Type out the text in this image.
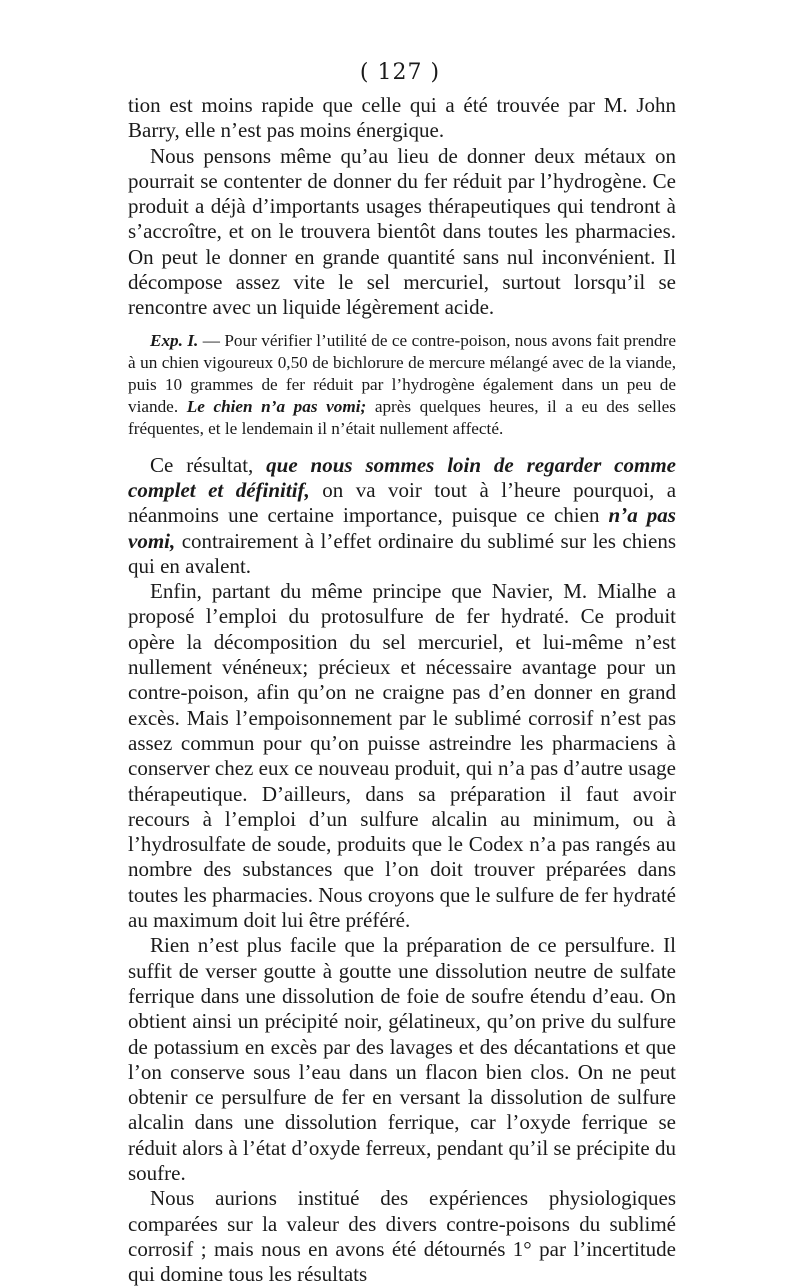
( 127 )

tion est moins rapide que celle qui a été trouvée par M. John Barry, elle n’est pas moins énergique.

Nous pensons même qu’au lieu de donner deux métaux on pourrait se contenter de donner du fer réduit par l’hydrogène. Ce produit a déjà d’importants usages thérapeutiques qui tendront à s’accroître, et on le trouvera bientôt dans toutes les pharmacies. On peut le donner en grande quantité sans nul inconvénient. Il décompose assez vite le sel mercuriel, surtout lorsqu’il se rencontre avec un liquide légèrement acide.

Exp. I. — Pour vérifier l’utilité de ce contre-poison, nous avons fait prendre à un chien vigoureux 0,50 de bichlorure de mercure mélangé avec de la viande, puis 10 grammes de fer réduit par l’hydrogène également dans un peu de viande. Le chien n’a pas vomi; après quelques heures, il a eu des selles fréquentes, et le lendemain il n’était nullement affecté.

Ce résultat, que nous sommes loin de regarder comme complet et définitif, on va voir tout à l’heure pourquoi, a néanmoins une certaine importance, puisque ce chien n’a pas vomi, contrairement à l’effet ordinaire du sublimé sur les chiens qui en avalent.

Enfin, partant du même principe que Navier, M. Mialhe a proposé l’emploi du protosulfure de fer hydraté. Ce produit opère la décomposition du sel mercuriel, et lui-même n’est nullement vénéneux; précieux et nécessaire avantage pour un contre-poison, afin qu’on ne craigne pas d’en donner en grand excès. Mais l’empoisonnement par le sublimé corrosif n’est pas assez commun pour qu’on puisse astreindre les pharmaciens à conserver chez eux ce nouveau produit, qui n’a pas d’autre usage thérapeutique. D’ailleurs, dans sa préparation il faut avoir recours à l’emploi d’un sulfure alcalin au minimum, ou à l’hydrosulfate de soude, produits que le Codex n’a pas rangés au nombre des substances que l’on doit trouver préparées dans toutes les pharmacies. Nous croyons que le sulfure de fer hydraté au maximum doit lui être préféré.

Rien n’est plus facile que la préparation de ce persulfure. Il suffit de verser goutte à goutte une dissolution neutre de sulfate ferrique dans une dissolution de foie de soufre étendu d’eau. On obtient ainsi un précipité noir, gélatineux, qu’on prive du sulfure de potassium en excès par des lavages et des décantations et que l’on conserve sous l’eau dans un flacon bien clos. On ne peut obtenir ce persulfure de fer en versant la dissolution de sulfure alcalin dans une dissolution ferrique, car l’oxyde ferrique se réduit alors à l’état d’oxyde ferreux, pendant qu’il se précipite du soufre.

Nous aurions institué des expériences physiologiques comparées sur la valeur des divers contre-poisons du sublimé corrosif ; mais nous en avons été détournés 1° par l’incertitude qui domine tous les résultats
